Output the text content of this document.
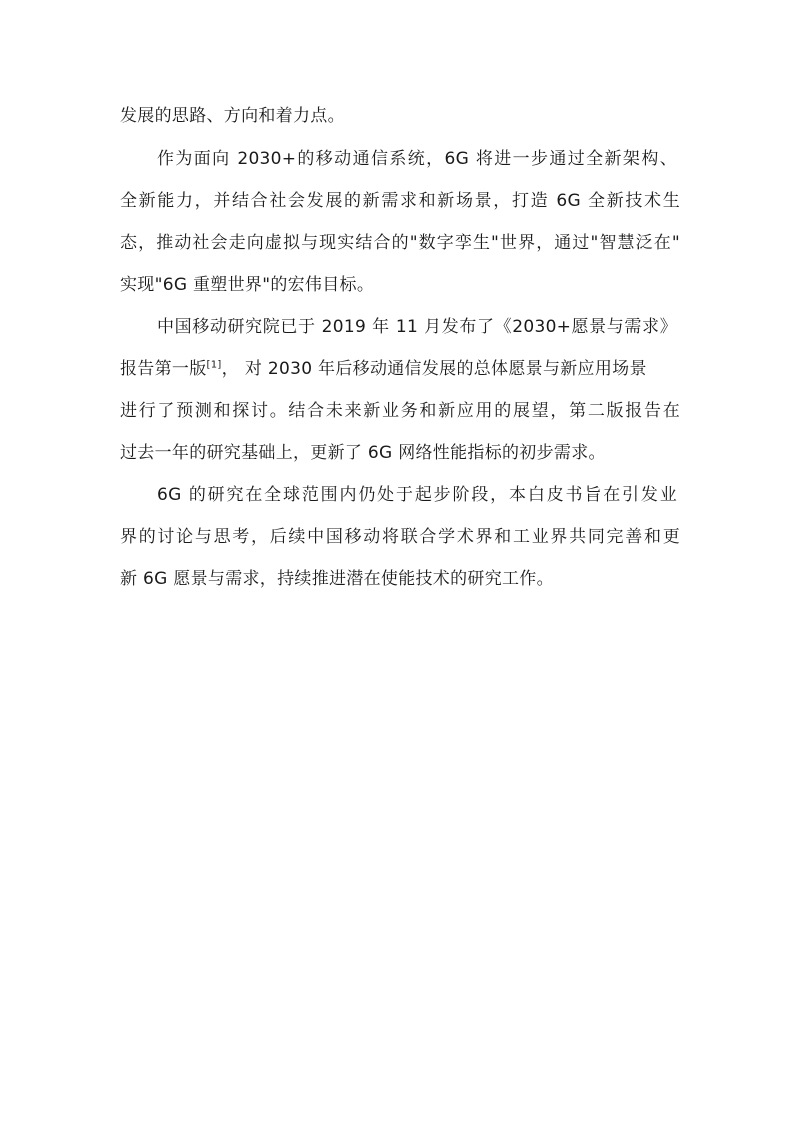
发展的思路、方向和着力点。
作为面向 2030+的移动通信系统，6G 将进一步通过全新架构、
全新能力，并结合社会发展的新需求和新场景，打造 6G 全新技术生
态，推动社会走向虚拟与现实结合的"数字孪生"世界，通过"智慧泛在"
实现"6G 重塑世界"的宏伟目标。
中国移动研究院已于 2019 年 11 月发布了《2030+愿景与需求》
报告第一版[1]， 对 2030 年后移动通信发展的总体愿景与新应用场景
进行了预测和探讨。结合未来新业务和新应用的展望，第二版报告在
过去一年的研究基础上，更新了 6G 网络性能指标的初步需求。
6G 的研究在全球范围内仍处于起步阶段，本白皮书旨在引发业
界的讨论与思考，后续中国移动将联合学术界和工业界共同完善和更
新 6G 愿景与需求，持续推进潜在使能技术的研究工作。
